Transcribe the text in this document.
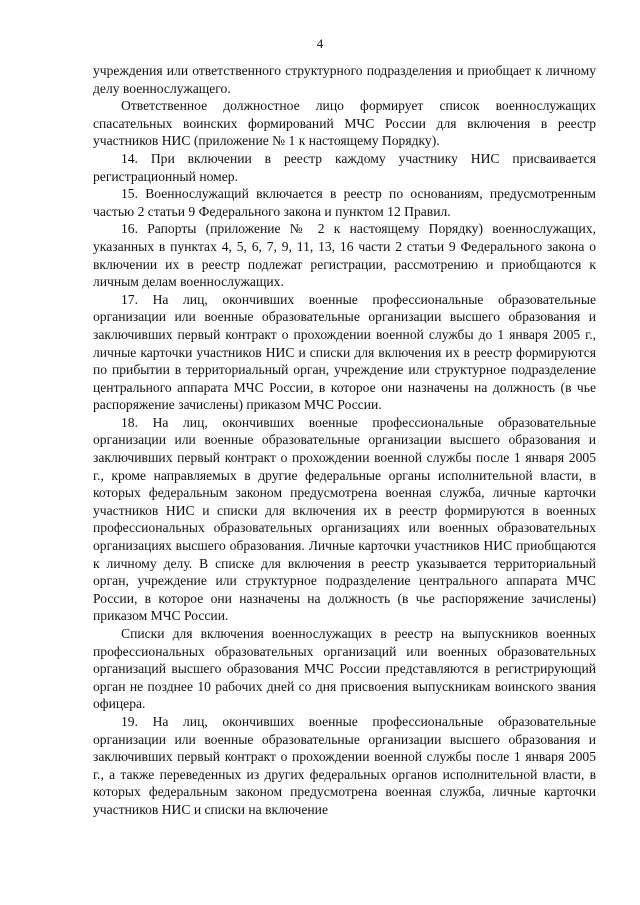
4

учреждения или ответственного структурного подразделения и приобщает к личному делу военнослужащего.

Ответственное должностное лицо формирует список военнослужащих спасательных воинских формирований МЧС России для включения в реестр участников НИС (приложение № 1 к настоящему Порядку).

14. При включении в реестр каждому участнику НИС присваивается регистрационный номер.

15. Военнослужащий включается в реестр по основаниям, предусмотренным частью 2 статьи 9 Федерального закона и пунктом 12 Правил.

16. Рапорты (приложение № 2 к настоящему Порядку) военнослужащих, указанных в пунктах 4, 5, 6, 7, 9, 11, 13, 16 части 2 статьи 9 Федерального закона о включении их в реестр подлежат регистрации, рассмотрению и приобщаются к личным делам военнослужащих.

17. На лиц, окончивших военные профессиональные образовательные организации или военные образовательные организации высшего образования и заключивших первый контракт о прохождении военной службы до 1 января 2005 г., личные карточки участников НИС и списки для включения их в реестр формируются по прибытии в территориальный орган, учреждение или структурное подразделение центрального аппарата МЧС России, в которое они назначены на должность (в чье распоряжение зачислены) приказом МЧС России.

18. На лиц, окончивших военные профессиональные образовательные организации или военные образовательные организации высшего образования и заключивших первый контракт о прохождении военной службы после 1 января 2005 г., кроме направляемых в другие федеральные органы исполнительной власти, в которых федеральным законом предусмотрена военная служба, личные карточки участников НИС и списки для включения их в реестр формируются в военных профессиональных образовательных организациях или военных образовательных организациях высшего образования. Личные карточки участников НИС приобщаются к личному делу. В списке для включения в реестр указывается территориальный орган, учреждение или структурное подразделение центрального аппарата МЧС России, в которое они назначены на должность (в чье распоряжение зачислены) приказом МЧС России.

Списки для включения военнослужащих в реестр на выпускников военных профессиональных образовательных организаций или военных образовательных организаций высшего образования МЧС России представляются в регистрирующий орган не позднее 10 рабочих дней со дня присвоения выпускникам воинского звания офицера.

19. На лиц, окончивших военные профессиональные образовательные организации или военные образовательные организации высшего образования и заключивших первый контракт о прохождении военной службы после 1 января 2005 г., а также переведенных из других федеральных органов исполнительной власти, в которых федеральным законом предусмотрена военная служба, личные карточки участников НИС и списки на включение
